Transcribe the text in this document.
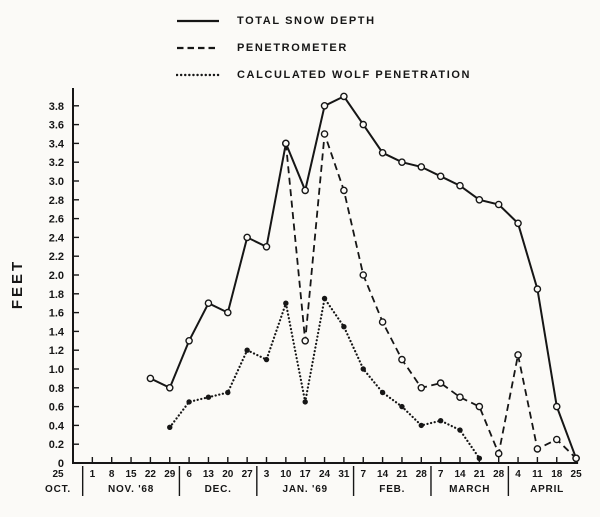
TOTAL SNOW DEPTH
PENETROMETER
CALCULATED WOLF PENETRATION
FEET
0
0.2
0.4
0.6
0.8
1.0
1.2
1.4
1.6
1.8
2.0
2.2
2.4
2.6
2.8
3.0
3.2
3.4
3.6
3.8
25	1 8 15 22 29 6 13 20 27 3 10 17 24 31 7 14 21 28 7 14 21 28 4 11 18 25
OCT.	NOV. '68	DEC.	JAN. '69	FEB.	MARCH	APRIL
